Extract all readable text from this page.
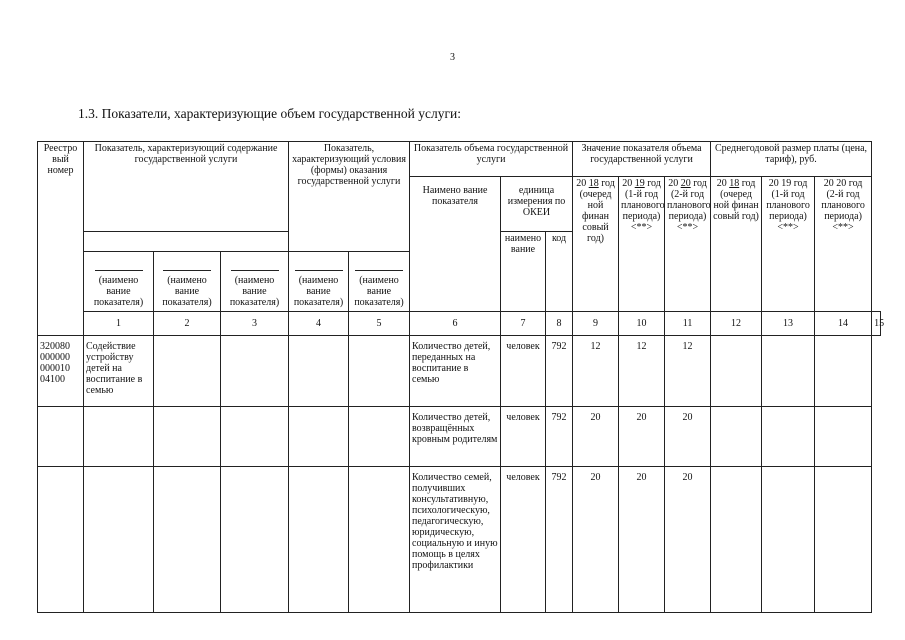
3
1.3. Показатели, характеризующие объем государственной услуги:
Реестро вый номер	Показатель, характеризующий содержание государственной услуги			Показатель, характеризующий условия (формы) оказания государственной услуги		Показатель объема государственной услуги			Значение показателя объема государственной услуги			Среднегодовой размер платы (цена, тариф), руб.			
						Наимено вание показателя	единица измерения по ОКЕИ		20 18 год (очеред ной финан совый год)	20 19 год (1-й год планового периода) <**>	20 20 год (2-й год планового периода) <**>	20 18 год (очеред ной финан совый год)	20 19 год (1-й год планового периода) <**>	20 20 год (2-й год планового периода) <**>	
							наимено вание	код							

	(наимено вание показателя)	(наимено вание показателя)	(наимено вание показателя)	(наимено вание показателя)	(наимено вание показателя)										

	1	2	3	4	5	6	7	8	9	10	11	12	13	14	15
320080 000000 000010 04100	Содействие устройству детей на воспитание в семью					Количество детей, переданных на воспитание в семью	человек	792	12	12	12				
						Количество детей, возвращённых кровным родителям	человек	792	20	20	20				
						Количество семей, получивших консультативную, психологическую, педагогическую, юридическую, социальную и иную помощь в целях профилактики	человек	792	20	20	20				
